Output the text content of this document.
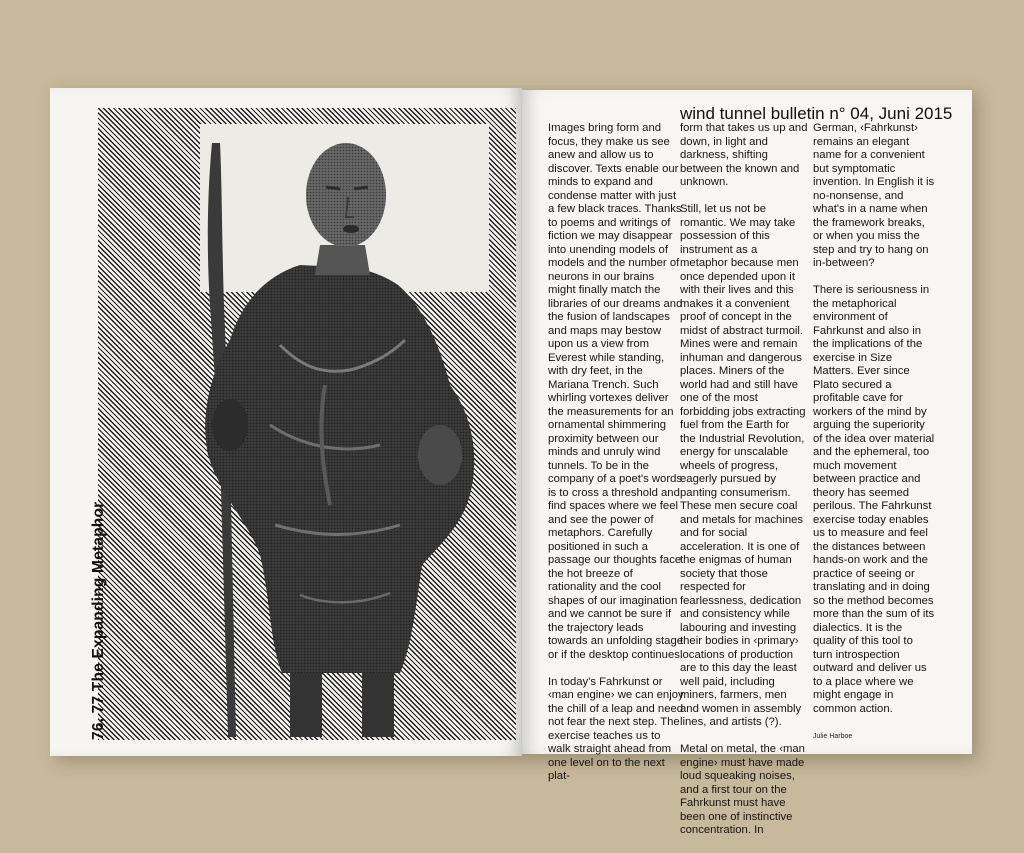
76, 77 The Expanding Metaphor
wind tunnel bulletin n° 04, Juni 2015

Images bring form and focus, they make us see anew and allow us to discover. Texts enable our minds to expand and condense matter with just a few black traces. Thanks to poems and writings of fiction we may disappear into unending models of models and the number of neurons in our brains might finally match the libraries of our dreams and the fusion of landscapes and maps may bestow upon us a view from Everest while standing, with dry feet, in the Mariana Trench. Such whirling vortexes deliver the measurements for an ornamental shimmering proximity between our minds and unruly wind tunnels. To be in the company of a poet's words is to cross a threshold and find spaces where we feel and see the power of metaphors. Carefully positioned in such a passage our thoughts face the hot breeze of rationality and the cool shapes of our imagination and we cannot be sure if the trajectory leads towards an unfolding stage or if the desktop continues.

In today's Fahrkunst or ‹man engine› we can enjoy the chill of a leap and need not fear the next step. The exercise teaches us to walk straight ahead from one level on to the next plat-

form that takes us up and down, in light and darkness, shifting between the known and unknown.

Still, let us not be romantic. We may take possession of this instrument as a metaphor because men once depended upon it with their lives and this makes it a convenient proof of concept in the midst of abstract turmoil. Mines were and remain inhuman and dangerous places. Miners of the world had and still have one of the most forbidding jobs extracting fuel from the Earth for the Industrial Revolution, energy for unscalable wheels of progress, eagerly pursued by panting consumerism. These men secure coal and metals for machines and for social acceleration. It is one of the enigmas of human society that those respected for fearlessness, dedication and consistency while labouring and investing their bodies in ‹primary› locations of production are to this day the least well paid, including miners, farmers, men and women in assembly lines, and artists (?).

Metal on metal, the ‹man engine› must have made loud squeaking noises, and a first tour on the Fahrkunst must have been one of instinctive concentration. In

German, ‹Fahrkunst› remains an elegant name for a convenient but symptomatic invention. In English it is no-nonsense, and what's in a name when the framework breaks, or when you miss the step and try to hang on in-between?

There is seriousness in the metaphorical environment of Fahrkunst and also in the implications of the exercise in Size Matters. Ever since Plato secured a profitable cave for workers of the mind by arguing the superiority of the idea over material and the ephemeral, too much movement between practice and theory has seemed perilous. The Fahrkunst exercise today enables us to measure and feel the distances between hands-on work and the practice of seeing or translating and in doing so the method becomes more than the sum of its dialectics. It is the quality of this tool to turn introspection outward and deliver us to a place where we might engage in common action.

Julie Harboe
